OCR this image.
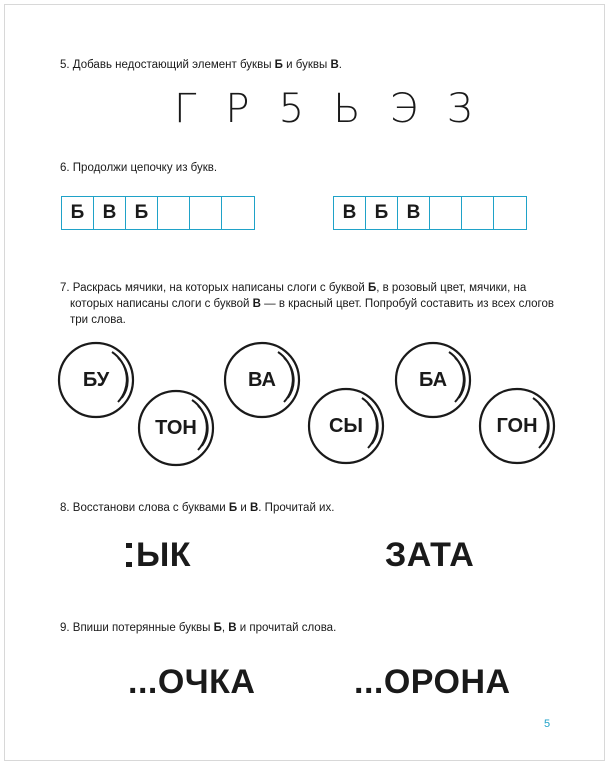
5. Добавь недостающий элемент буквы Б и буквы В.
Г Р 5 Ь Э З
6. Продолжи цепочку из букв.
Б В Б	В Б В
7. Раскрась мячики, на которых написаны слоги с буквой Б, в розовый цвет, мячики, на
которых написаны слоги с буквой В — в красный цвет. Попробуй составить из всех слогов
три слова.
БУ
ТОН
ВА
СЫ
БА
ГОН
8. Восстанови слова с буквами Б и В. Прочитай их.
ЫК	ЗАТА
9. Впиши потерянные буквы Б, В и прочитай слова.
...ОЧКА	...ОРОНА
5
